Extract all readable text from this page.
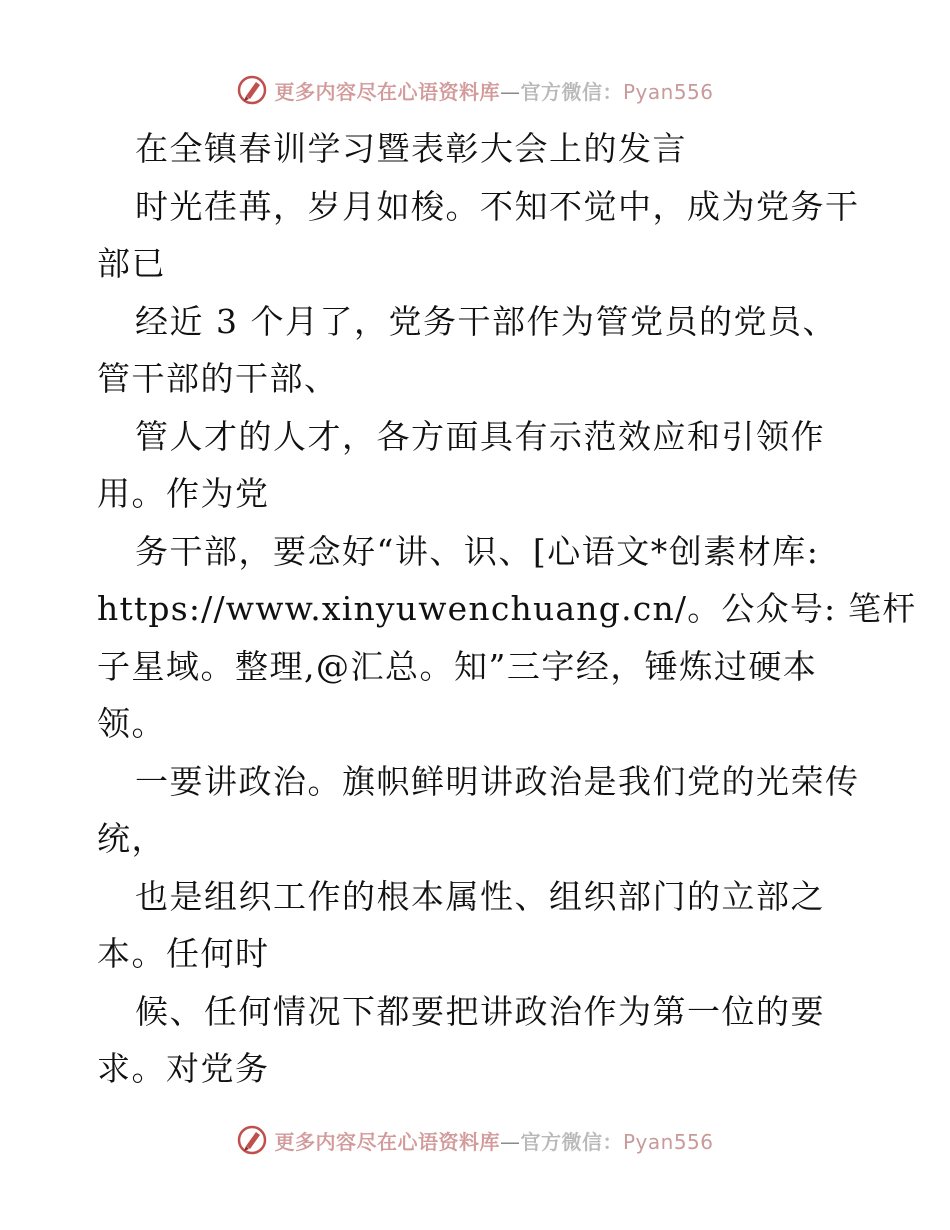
更多内容尽在心语资料库—官方微信：Pyan556
在全镇春训学习暨表彰大会上的发言
时光荏苒，岁月如梭。不知不觉中，成为党务干
部已
经近 3 个月了，党务干部作为管党员的党员、
管干部的干部、
管人才的人才，各方面具有示范效应和引领作
用。作为党
务干部，要念好“讲、识、[心语文*创素材库:
https://www.xinyuwenchuang.cn/。公众号: 笔杆
子星域。整理,@汇总。知”三字经，锤炼过硬本
领。
一要讲政治。旗帜鲜明讲政治是我们党的光荣传
统，
也是组织工作的根本属性、组织部门的立部之
本。任何时
候、任何情况下都要把讲政治作为第一位的要
求。对党务
更多内容尽在心语资料库—官方微信：Pyan556
